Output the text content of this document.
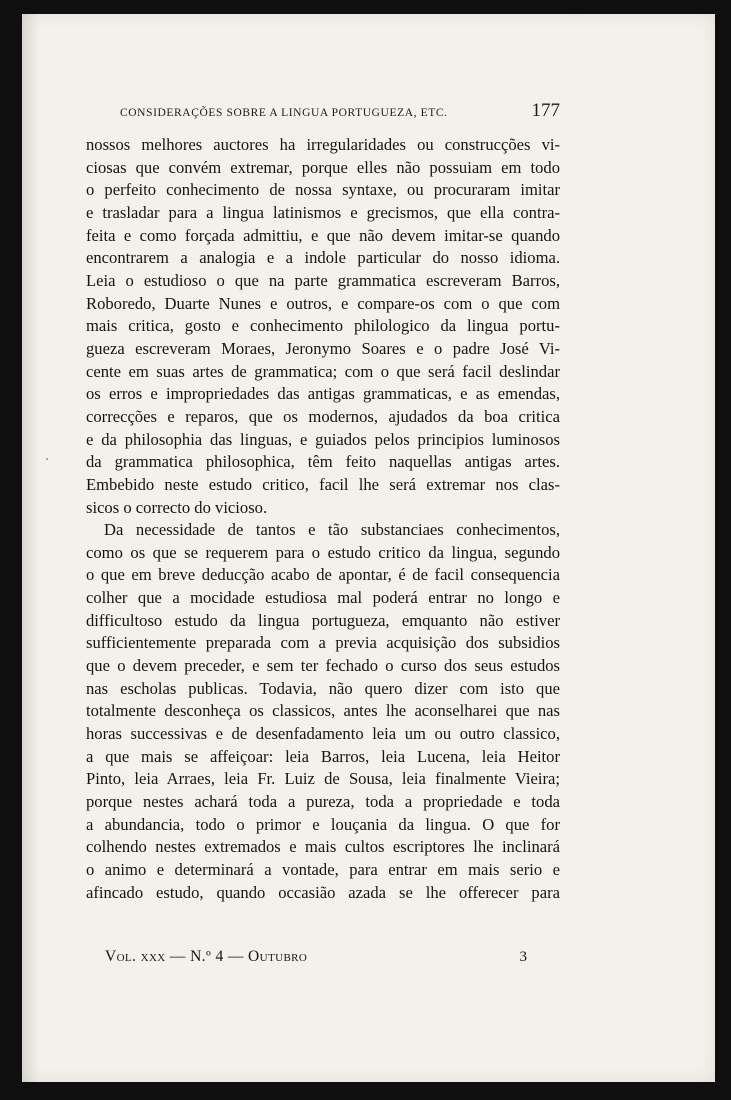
CONSIDERAÇÕES SOBRE A LINGUA PORTUGUEZA, ETC.	177
nossos melhores auctores ha irregularidades ou construcções vi-
ciosas que convém extremar, porque elles não possuiam em todo
o perfeito conhecimento de nossa syntaxe, ou procuraram imitar
e trasladar para a lingua latinismos e grecismos, que ella contra-
feita e como forçada admittiu, e que não devem imitar-se quando
encontrarem a analogia e a indole particular do nosso idioma.
Leia o estudioso o que na parte grammatica escreveram Barros,
Roboredo, Duarte Nunes e outros, e compare-os com o que com
mais critica, gosto e conhecimento philologico da lingua portu-
gueza escreveram Moraes, Jeronymo Soares e o padre José Vi-
cente em suas artes de grammatica; com o que será facil deslindar
os erros e impropriedades das antigas grammaticas, e as emendas,
correcções e reparos, que os modernos, ajudados da boa critica
e da philosophia das linguas, e guiados pelos principios luminosos
da grammatica philosophica, têm feito naquellas antigas artes.
Embebido neste estudo critico, facil lhe será extremar nos clas-
sicos o correcto do vicioso.
Da necessidade de tantos e tão substanciaes conhecimentos,
como os que se requerem para o estudo critico da lingua, segundo
o que em breve deducção acabo de apontar, é de facil consequencia
colher que a mocidade estudiosa mal poderá entrar no longo e
difficultoso estudo da lingua portugueza, emquanto não estiver
sufficientemente preparada com a previa acquisição dos subsidios
que o devem preceder, e sem ter fechado o curso dos seus estudos
nas escholas publicas. Todavia, não quero dizer com isto que
totalmente desconheça os classicos, antes lhe aconselharei que nas
horas successivas e de desenfadamento leia um ou outro classico,
a que mais se affeiçoar: leia Barros, leia Lucena, leia Heitor
Pinto, leia Arraes, leia Fr. Luiz de Sousa, leia finalmente Vieira;
porque nestes achará toda a pureza, toda a propriedade e toda
a abundancia, todo o primor e louçania da lingua. O que for
colhendo nestes extremados e mais cultos escriptores lhe inclinará
o animo e determinará a vontade, para entrar em mais serio e
afincado estudo, quando occasião azada se lhe offerecer para
Vol. xxx — N.º 4 — Outubro	3
